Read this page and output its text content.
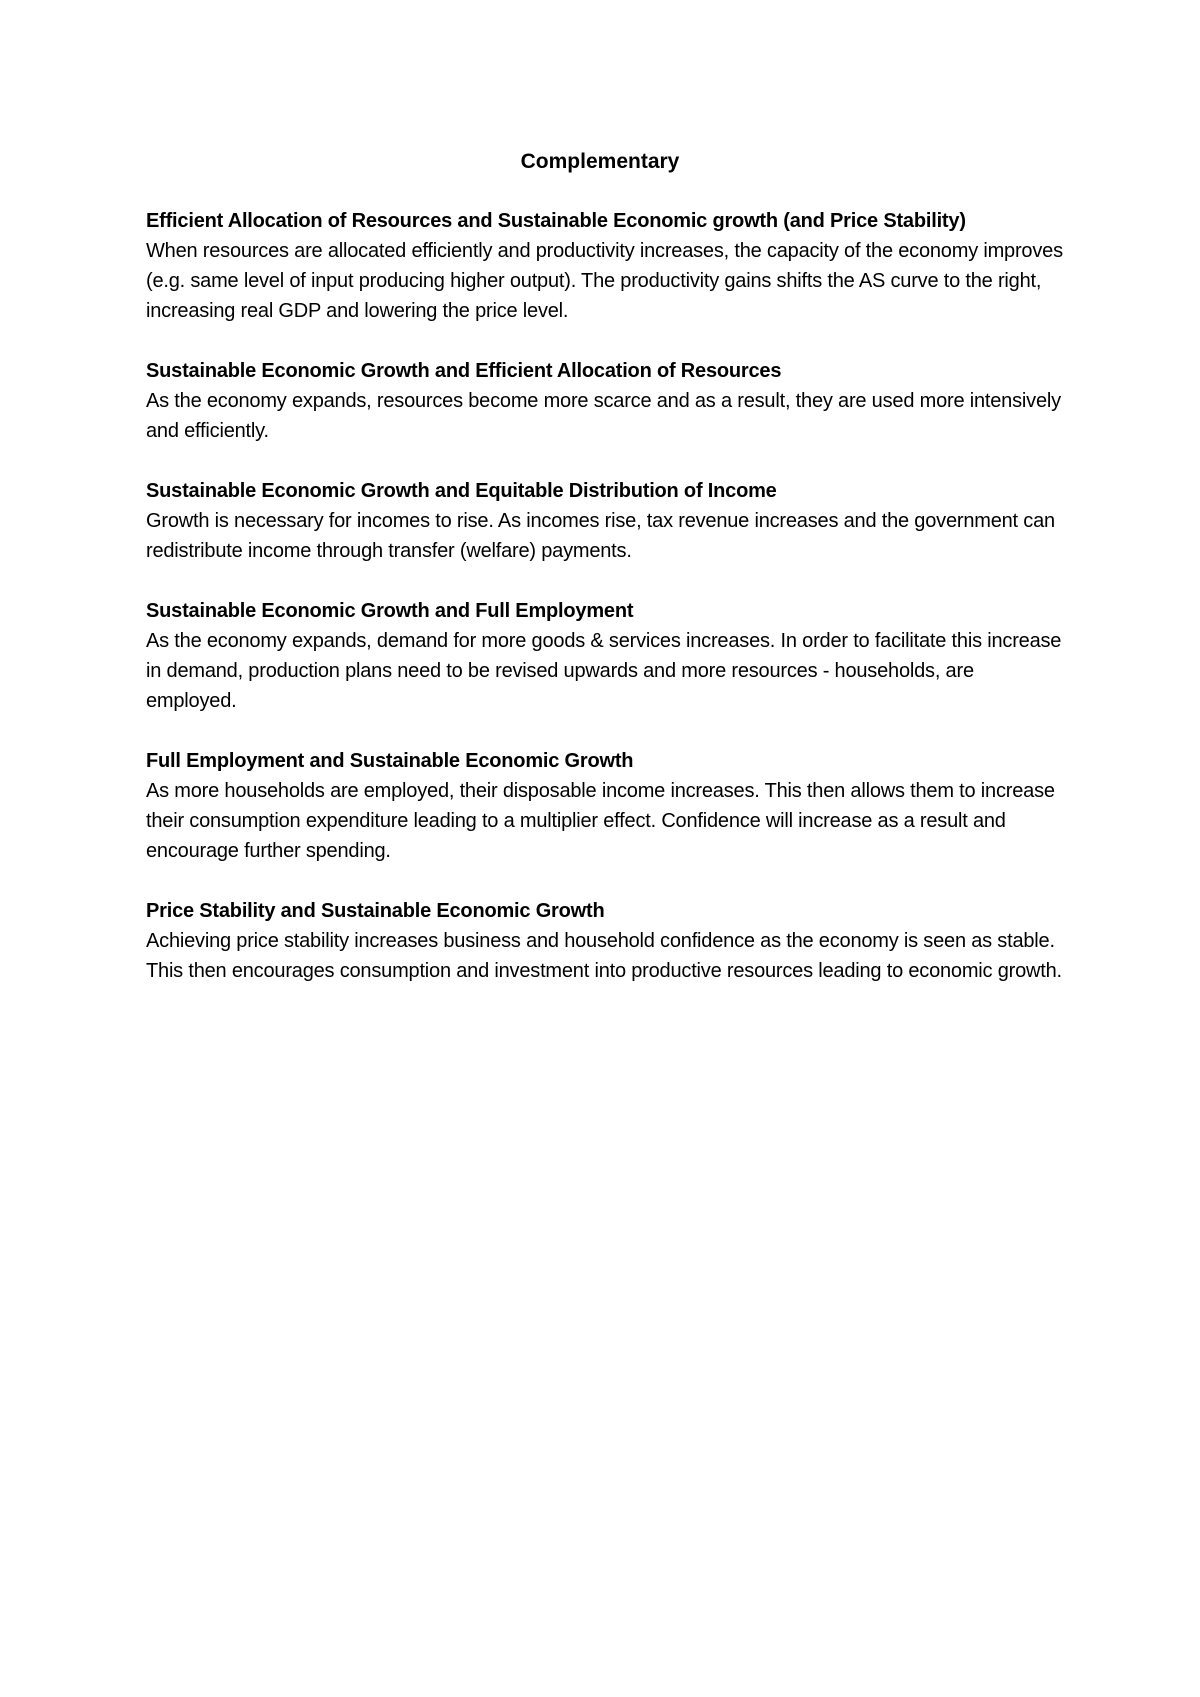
Complementary

Efficient Allocation of Resources and Sustainable Economic growth (and Price Stability)

When resources are allocated efficiently and productivity increases, the capacity of the economy improves (e.g. same level of input producing higher output). The productivity gains shifts the AS curve to the right, increasing real GDP and lowering the price level.

Sustainable Economic Growth and Efficient Allocation of Resources

As the economy expands, resources become more scarce and as a result, they are used more intensively and efficiently.

Sustainable Economic Growth and Equitable Distribution of Income

Growth is necessary for incomes to rise. As incomes rise, tax revenue increases and the government can redistribute income through transfer (welfare) payments.

Sustainable Economic Growth and Full Employment

As the economy expands, demand for more goods & services increases. In order to facilitate this increase in demand, production plans need to be revised upwards and more resources - households, are employed.

Full Employment and Sustainable Economic Growth

As more households are employed, their disposable income increases. This then allows them to increase their consumption expenditure leading to a multiplier effect. Confidence will increase as a result and encourage further spending.

Price Stability and Sustainable Economic Growth

Achieving price stability increases business and household confidence as the economy is seen as stable. This then encourages consumption and investment into productive resources leading to economic growth.
